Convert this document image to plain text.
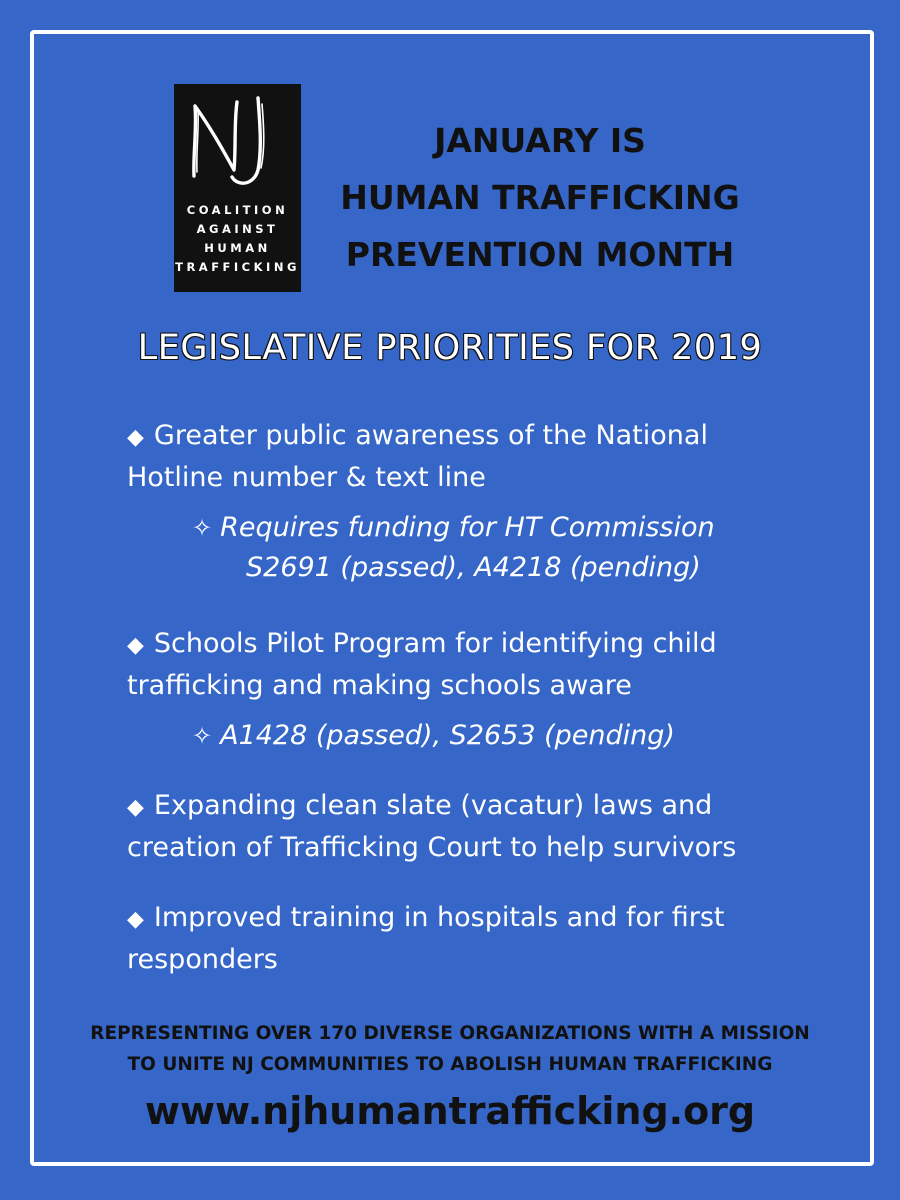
COALITION
AGAINST
HUMAN
TRAFFICKING
JANUARY IS
HUMAN TRAFFICKING
PREVENTION MONTH
LEGISLATIVE PRIORITIES FOR 2019
◆ Greater public awareness of the National
Hotline number & text line
✧ Requires funding for HT Commission
S2691 (passed), A4218 (pending)
◆ Schools Pilot Program for identifying child
trafficking and making schools aware
✧ A1428 (passed), S2653 (pending)
◆ Expanding clean slate (vacatur) laws and
creation of Trafficking Court to help survivors
◆ Improved training in hospitals and for first
responders
REPRESENTING OVER 170 DIVERSE ORGANIZATIONS WITH A MISSION
TO UNITE NJ COMMUNITIES TO ABOLISH HUMAN TRAFFICKING
www.njhumantrafficking.org
